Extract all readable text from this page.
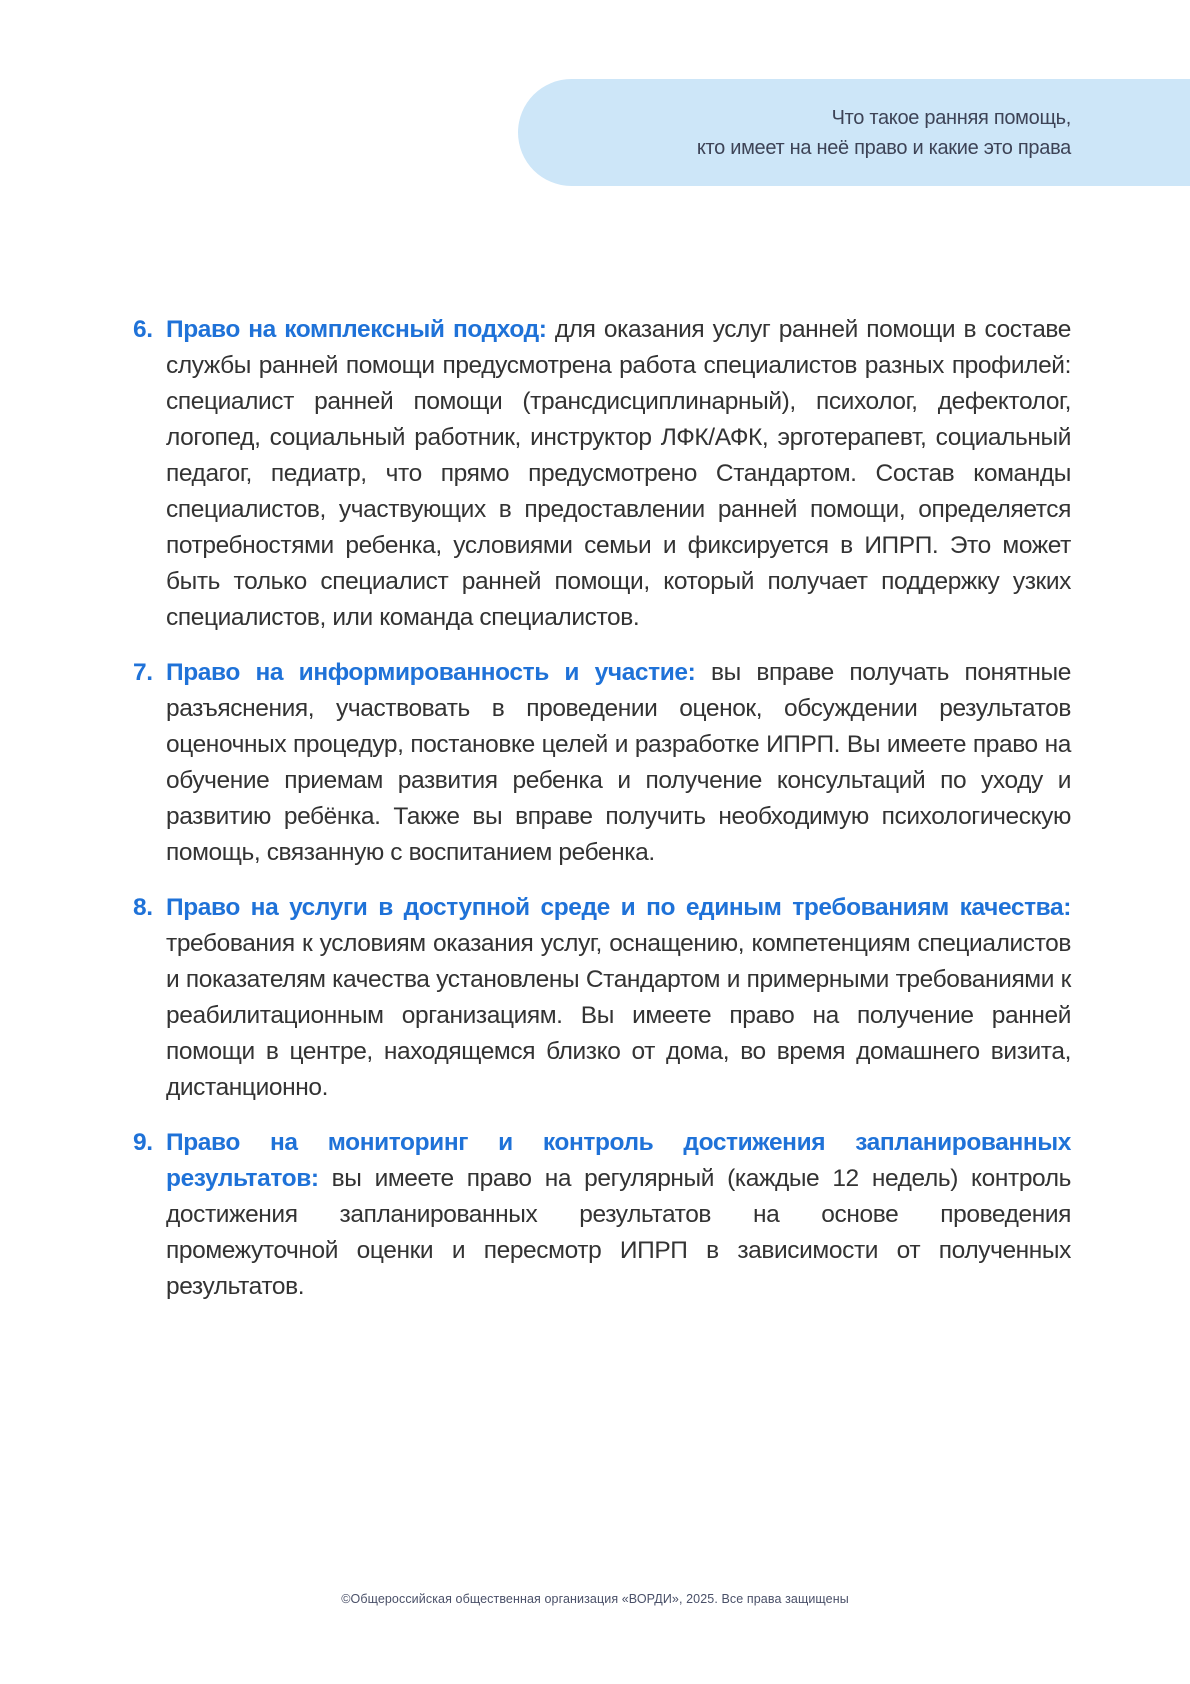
Что такое ранняя помощь,
кто имеет на неё право и какие это права
6. Право на комплексный подход: для оказания услуг ранней помощи в составе службы ранней помощи предусмотрена работа специалистов разных профилей: специалист ранней помощи (трансдисциплинарный), психолог, дефектолог, логопед, социальный работник, инструктор ЛФК/АФК, эрготерапевт, социальный педагог, педиатр, что прямо предусмотрено Стандартом. Состав команды специалистов, участвующих в предоставлении ранней помощи, определяется потребностями ребенка, условиями семьи и фиксируется в ИПРП. Это может быть только специалист ранней помощи, который получает поддержку узких специалистов, или команда специалистов.
7. Право на информированность и участие: вы вправе получать понятные разъяснения, участвовать в проведении оценок, обсуждении результатов оценочных процедур, постановке целей и разработке ИПРП. Вы имеете право на обучение приемам развития ребенка и получение консультаций по уходу и развитию ребёнка. Также вы вправе получить необходимую психологическую помощь, связанную с воспитанием ребенка.
8. Право на услуги в доступной среде и по единым требованиям качества: требования к условиям оказания услуг, оснащению, компетенциям специалистов и показателям качества установлены Стандартом и примерными требованиями к реабилитационным организациям. Вы имеете право на получение ранней помощи в центре, находящемся близко от дома, во время домашнего визита, дистанционно.
9. Право на мониторинг и контроль достижения запланированных результатов: вы имеете право на регулярный (каждые 12 недель) контроль достижения запланированных результатов на основе проведения промежуточной оценки и пересмотр ИПРП в зависимости от полученных результатов.
©Общероссийская общественная организация «ВОРДИ», 2025. Все права защищены
